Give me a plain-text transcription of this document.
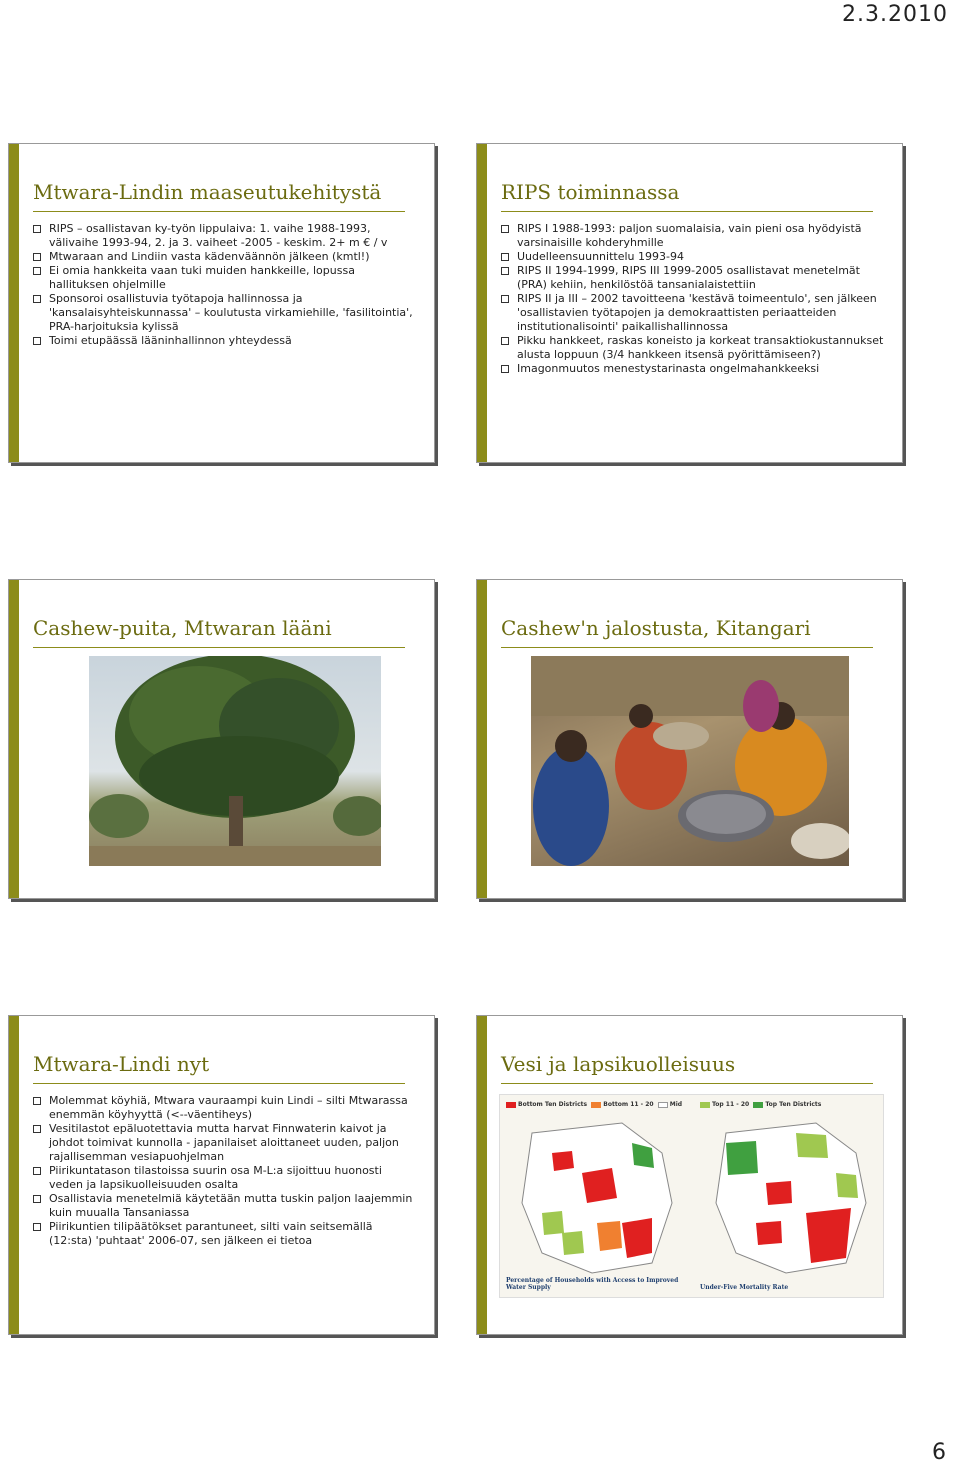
2.3.2010
Mtwara-Lindin maaseutukehitystä
RIPS – osallistavan ky-työn lippulaiva: 1. vaihe 1988-1993, välivaihe 1993-94, 2. ja 3. vaiheet -2005 - keskim. 2+ m € / v
Mtwaraan and Lindiin vasta kädenväännön jälkeen (kmtl!)
Ei omia hankkeita vaan tuki muiden hankkeille, lopussa hallituksen ohjelmille
Sponsoroi osallistuvia työtapoja hallinnossa ja 'kansalaisyhteiskunnassa' – koulutusta virkamiehille, 'fasilitointia', PRA-harjoituksia kylissä
Toimi etupäässä lääninhallinnon yhteydessä
RIPS toiminnassa
RIPS I 1988-1993: paljon suomalaisia, vain pieni osa hyödyistä varsinaisille kohderyhmille
Uudelleensuunnittelu 1993-94
RIPS II 1994-1999, RIPS III 1999-2005 osallistavat menetelmät (PRA) kehiin, henkilöstöä tansanialaistettiin
RIPS II ja III – 2002 tavoitteena 'kestävä toimeentulo', sen jälkeen 'osallistavien työtapojen ja demokraattisten periaatteiden institutionalisointi' paikallishallinnossa
Pikku hankkeet, raskas koneisto ja korkeat transaktiokustannukset alusta loppuun (3/4 hankkeen itsensä pyörittämiseen?)
Imagonmuutos menestystarinasta ongelmahankkeeksi
Cashew-puita, Mtwaran lääni	Cashew'n jalostusta, Kitangari
Mtwara-Lindi nyt
Molemmat köyhiä, Mtwara vauraampi kuin Lindi – silti Mtwarassa enemmän köyhyyttä (<--väentiheys)
Vesitilastot epäluotettavia mutta harvat Finnwaterin kaivot ja johdot toimivat kunnolla - japanilaiset aloittaneet uuden, paljon rajallisemman vesiapuohjelman
Piirikuntatason tilastoissa suurin osa M-L:a sijoittuu huonosti veden ja lapsikuolleisuuden osalta
Osallistavia menetelmiä käytetään mutta tuskin paljon laajemmin kuin muualla Tansaniassa
Piirikuntien tilipäätökset parantuneet, silti vain seitsemällä (12:sta) 'puhtaat' 2006-07, sen jälkeen ei tietoa
Vesi ja lapsikuolleisuus
Bottom Ten Districts	Bottom 11 - 20	Mid
Percentage of Households with Access to Improved Water Supply
Top 11 - 20	Top Ten Districts
Under-Five Mortality Rate
6
